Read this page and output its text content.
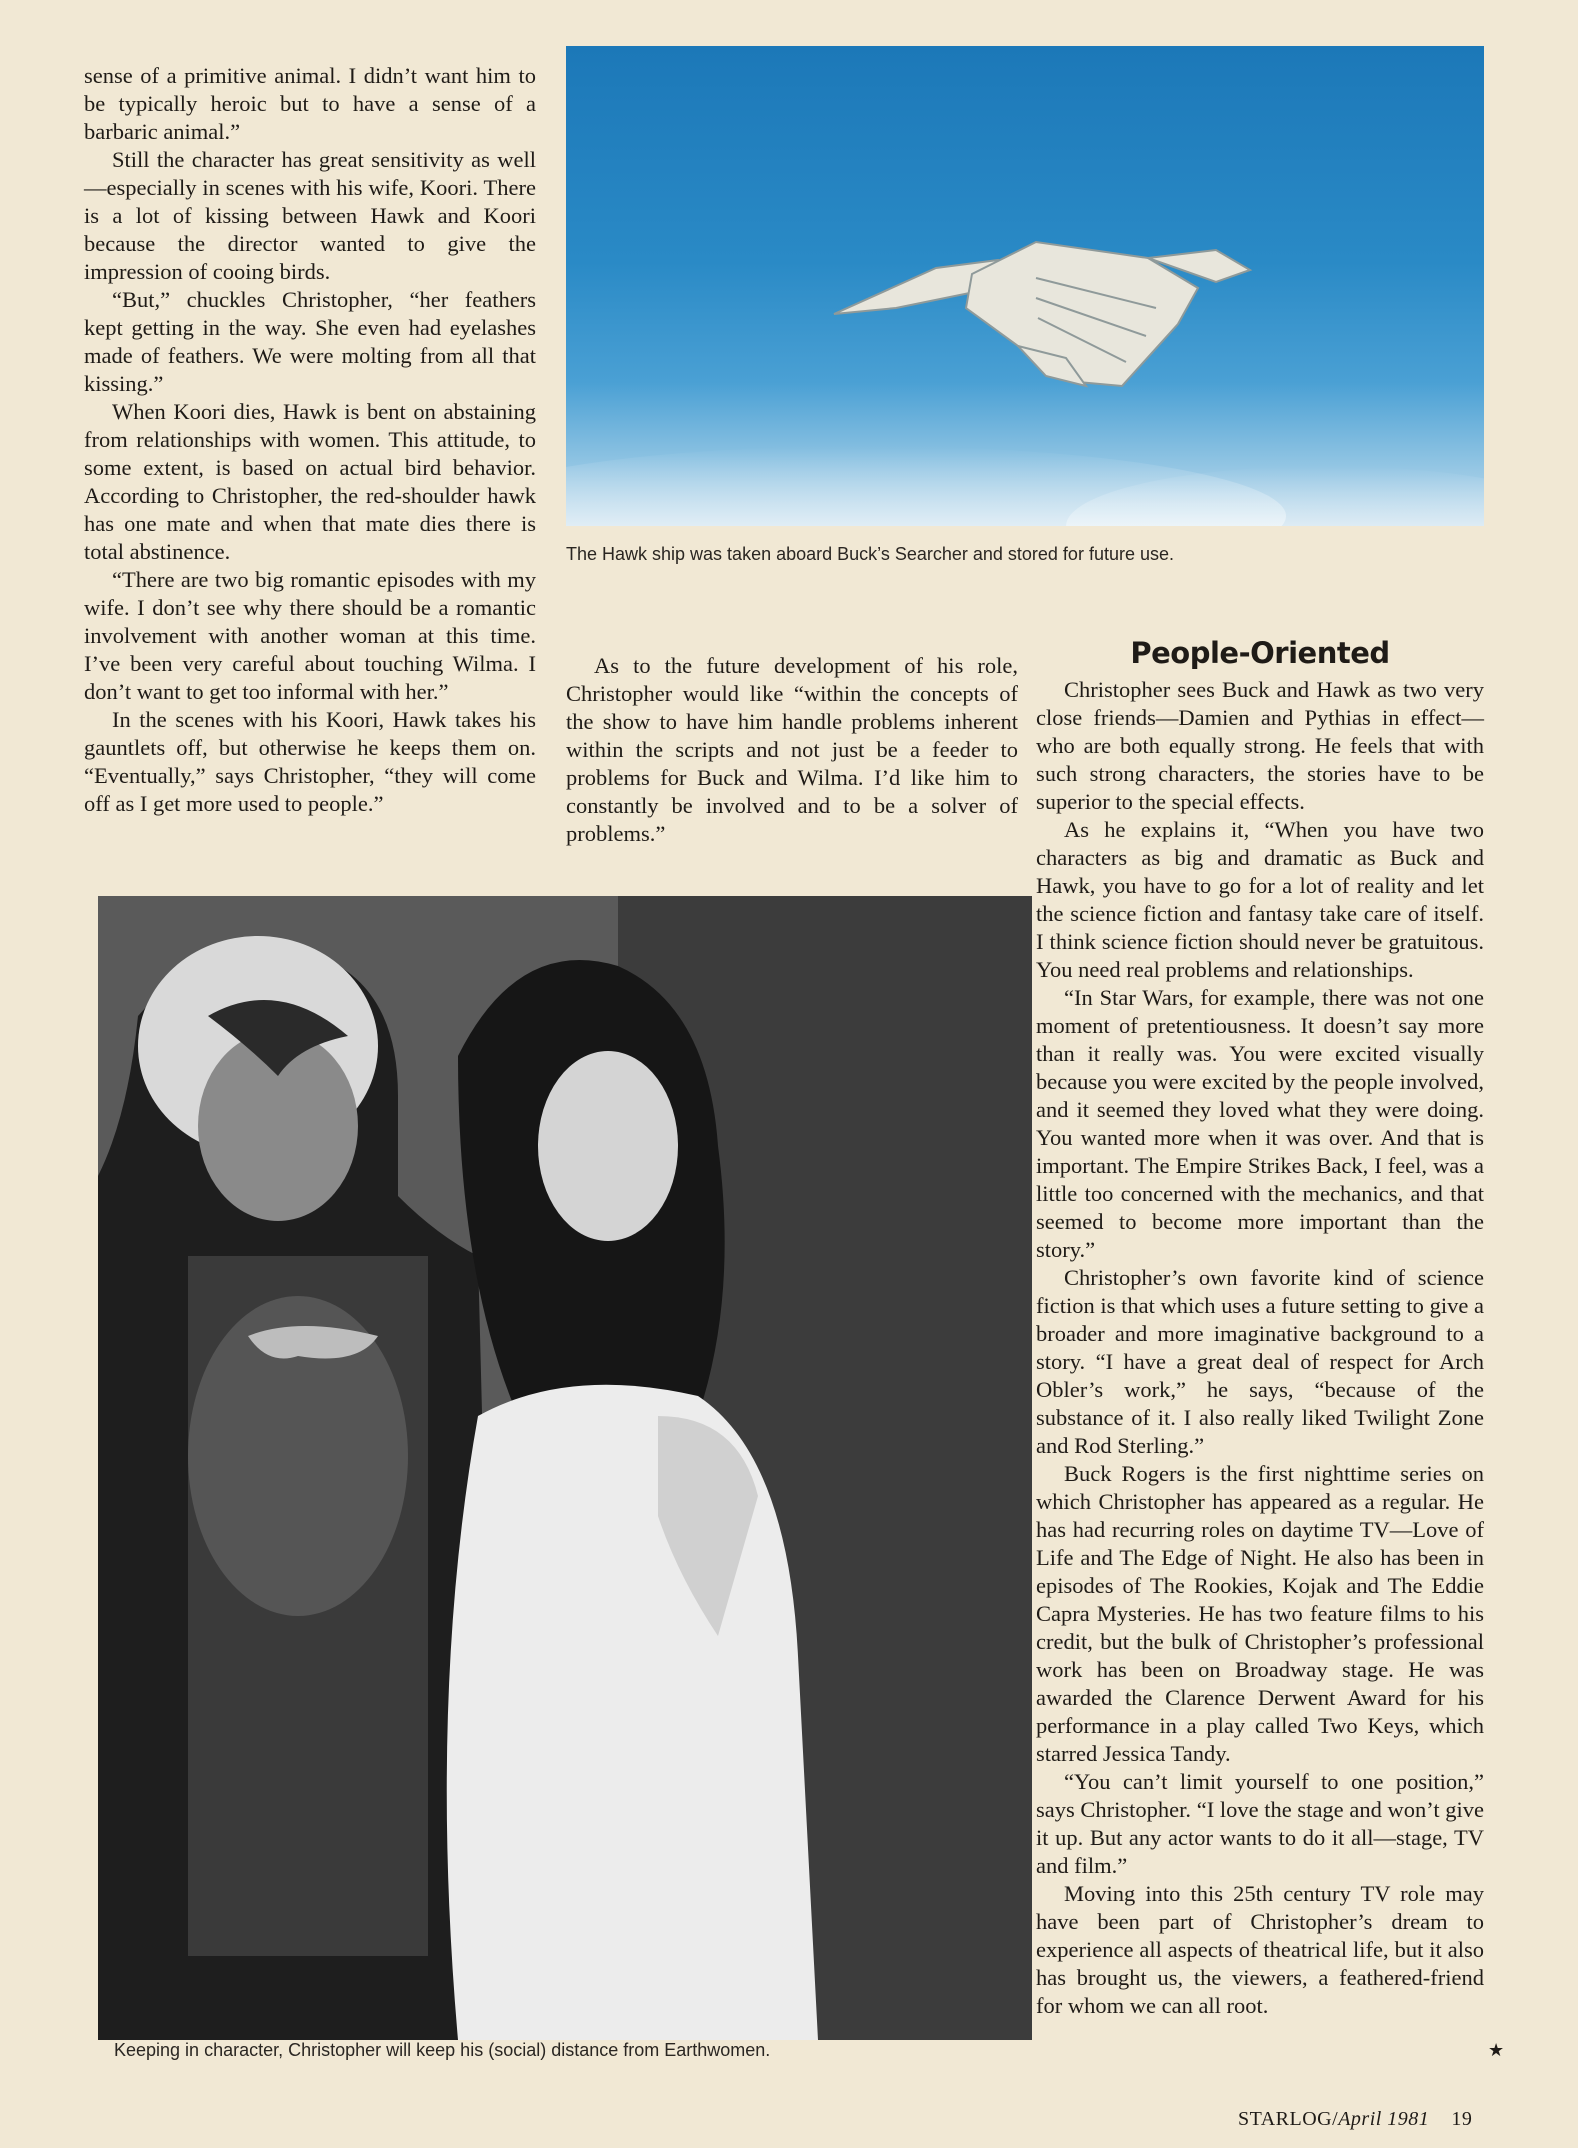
sense of a primitive animal. I didn’t want him to be typically heroic but to have a sense of a barbaric animal.”

Still the character has great sensitivity as well—especially in scenes with his wife, Koori. There is a lot of kissing between Hawk and Koori because the director wanted to give the impression of cooing birds.

“But,” chuckles Christopher, “her feathers kept getting in the way. She even had eyelashes made of feathers. We were molting from all that kissing.”

When Koori dies, Hawk is bent on abstaining from relationships with women. This attitude, to some extent, is based on actual bird behavior. According to Christopher, the red-shoulder hawk has one mate and when that mate dies there is total abstinence.

“There are two big romantic episodes with my wife. I don’t see why there should be a romantic involvement with another woman at this time. I’ve been very careful about touching Wilma. I don’t want to get too informal with her.”

In the scenes with his Koori, Hawk takes his gauntlets off, but otherwise he keeps them on. “Eventually,” says Christopher, “they will come off as I get more used to people.”

The Hawk ship was taken aboard Buck’s Searcher and stored for future use.

As to the future development of his role, Christopher would like “within the concepts of the show to have him handle problems inherent within the scripts and not just be a feeder to problems for Buck and Wilma. I’d like him to constantly be involved and to be a solver of problems.”

People-Oriented

Christopher sees Buck and Hawk as two very close friends—Damien and Pythias in effect—who are both equally strong. He feels that with such strong characters, the stories have to be superior to the special effects.

As he explains it, “When you have two characters as big and dramatic as Buck and Hawk, you have to go for a lot of reality and let the science fiction and fantasy take care of itself. I think science fiction should never be gratuitous. You need real problems and relationships.

“In Star Wars, for example, there was not one moment of pretentiousness. It doesn’t say more than it really was. You were excited visually because you were excited by the people involved, and it seemed they loved what they were doing. You wanted more when it was over. And that is important. The Empire Strikes Back, I feel, was a little too concerned with the mechanics, and that seemed to become more important than the story.”

Christopher’s own favorite kind of science fiction is that which uses a future setting to give a broader and more imaginative background to a story. “I have a great deal of respect for Arch Obler’s work,” he says, “because of the substance of it. I also really liked Twilight Zone and Rod Sterling.”

Buck Rogers is the first nighttime series on which Christopher has appeared as a regular. He has had recurring roles on daytime TV—Love of Life and The Edge of Night. He also has been in episodes of The Rookies, Kojak and The Eddie Capra Mysteries. He has two feature films to his credit, but the bulk of Christopher’s professional work has been on Broadway stage. He was awarded the Clarence Derwent Award for his performance in a play called Two Keys, which starred Jessica Tandy.

“You can’t limit yourself to one position,” says Christopher. “I love the stage and won’t give it up. But any actor wants to do it all—stage, TV and film.”

Moving into this 25th century TV role may have been part of Christopher’s dream to experience all aspects of theatrical life, but it also has brought us, the viewers, a feathered-friend for whom we can all root.

★
Keeping in character, Christopher will keep his (social) distance from Earthwomen.
STARLOG/April 1981 19
